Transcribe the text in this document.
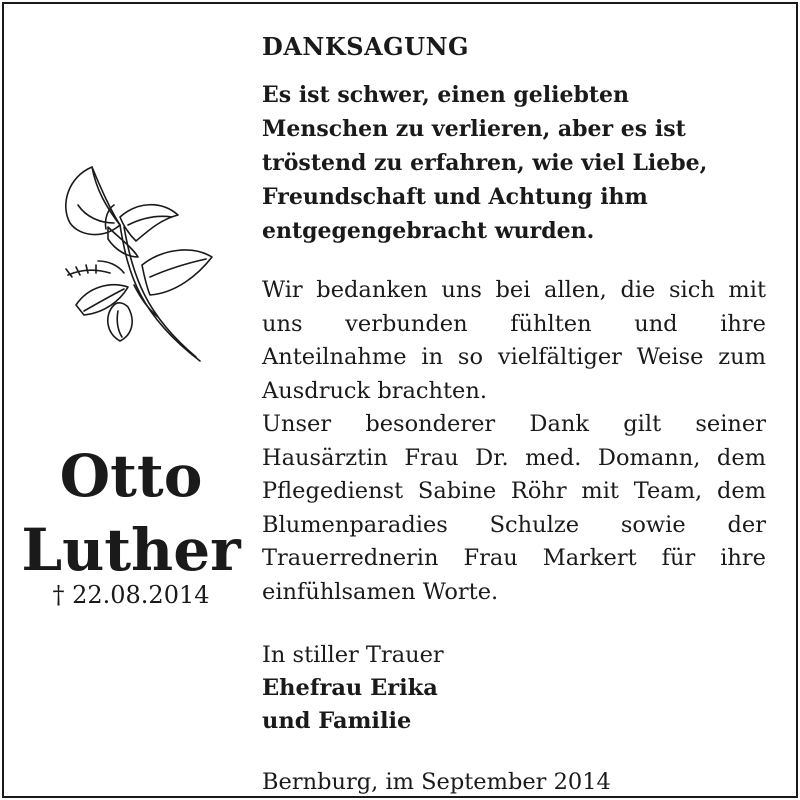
Otto
Luther
† 22.08.2014
DANKSAGUNG
Es ist schwer, einen geliebten
Menschen zu verlieren, aber es ist
tröstend zu erfahren, wie viel Liebe,
Freundschaft und Achtung ihm
entgegengebracht wurden.
Wir bedanken uns bei allen, die sich mit uns verbunden fühlten und ihre Anteilnahme in so vielfältiger Weise zum Ausdruck brachten.
Unser besonderer Dank gilt seiner Hausärztin Frau Dr. med. Domann, dem Pflegedienst Sabine Röhr mit Team, dem Blumenparadies Schulze sowie der Trauerrednerin Frau Markert für ihre einfühlsamen Worte.
In stiller Trauer
Ehefrau Erika
und Familie
Bernburg, im September 2014
